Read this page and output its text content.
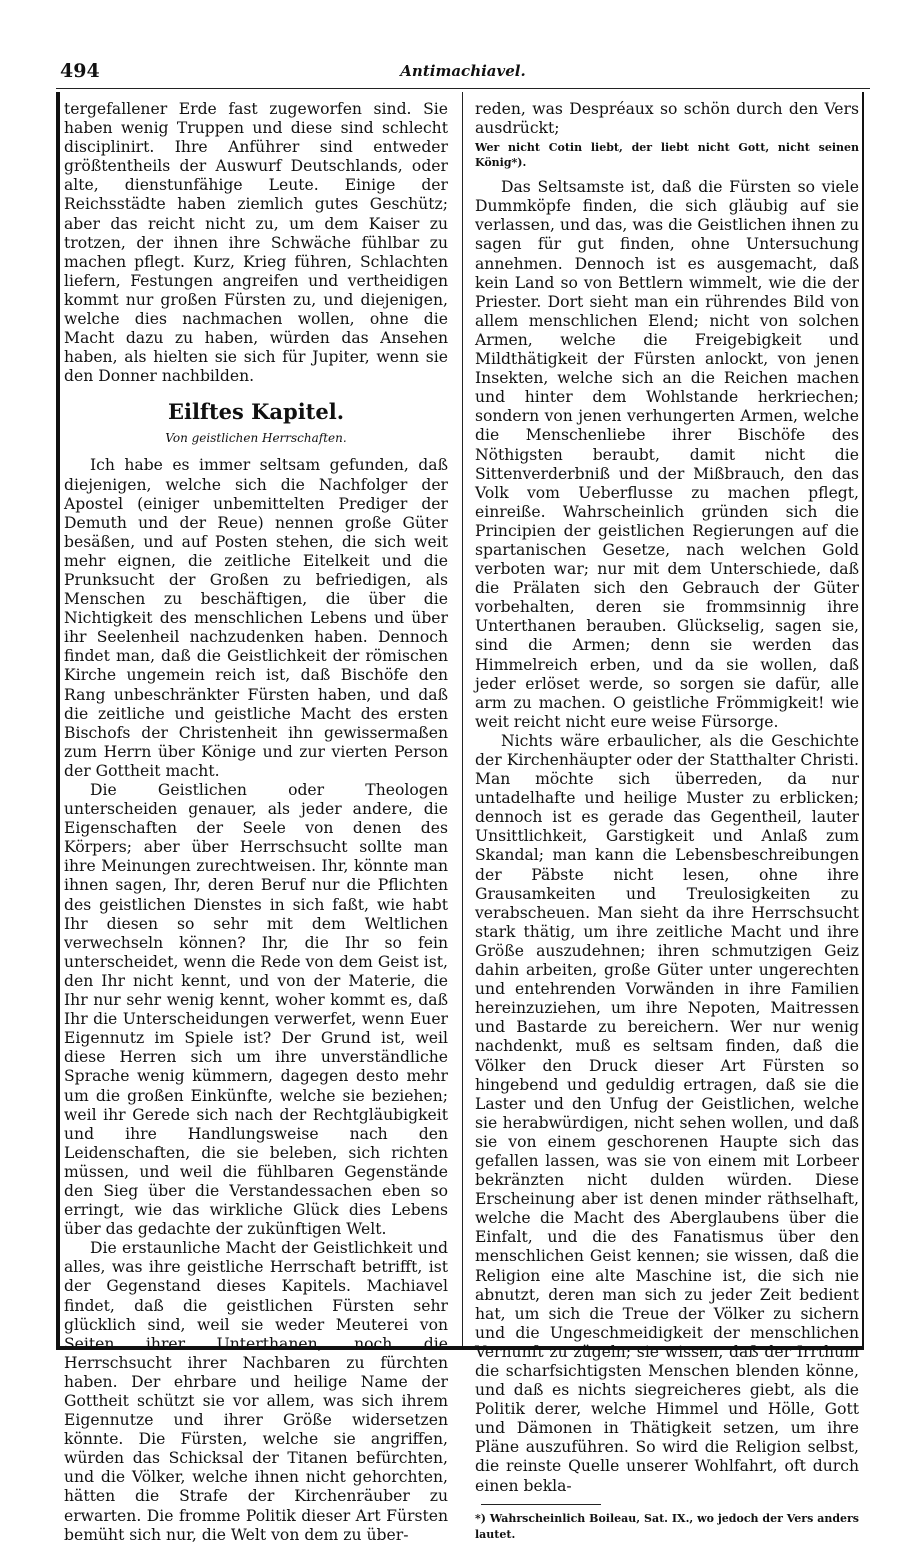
494	Antimachiavel.

tergefallener Erde fast zugeworfen sind. Sie haben wenig Truppen und diese sind schlecht disciplinirt. Ihre Anführer sind entweder größtentheils der Auswurf Deutschlands, oder alte, dienstunfähige Leute. Einige der Reichsstädte haben ziemlich gutes Geschütz; aber das reicht nicht zu, um dem Kaiser zu trotzen, der ihnen ihre Schwäche fühlbar zu machen pflegt. Kurz, Krieg führen, Schlachten liefern, Festungen angreifen und vertheidigen kommt nur großen Fürsten zu, und diejenigen, welche dies nachmachen wollen, ohne die Macht dazu zu haben, würden das Ansehen haben, als hielten sie sich für Jupiter, wenn sie den Donner nachbilden.

Eilftes Kapitel.
Von geistlichen Herrschaften.

Ich habe es immer seltsam gefunden, daß diejenigen, welche sich die Nachfolger der Apostel (einiger unbemittelten Prediger der Demuth und der Reue) nennen große Güter besäßen, und auf Posten stehen, die sich weit mehr eignen, die zeitliche Eitelkeit und die Prunksucht der Großen zu befriedigen, als Menschen zu beschäftigen, die über die Nichtigkeit des menschlichen Lebens und über ihr Seelenheil nachzudenken haben. Dennoch findet man, daß die Geistlichkeit der römischen Kirche ungemein reich ist, daß Bischöfe den Rang unbeschränkter Fürsten haben, und daß die zeitliche und geistliche Macht des ersten Bischofs der Christenheit ihn gewissermaßen zum Herrn über Könige und zur vierten Person der Gottheit macht.

Die Geistlichen oder Theologen unterscheiden genauer, als jeder andere, die Eigenschaften der Seele von denen des Körpers; aber über Herrschsucht sollte man ihre Meinungen zurechtweisen. Ihr, könnte man ihnen sagen, Ihr, deren Beruf nur die Pflichten des geistlichen Dienstes in sich faßt, wie habt Ihr diesen so sehr mit dem Weltlichen verwechseln können? Ihr, die Ihr so fein unterscheidet, wenn die Rede von dem Geist ist, den Ihr nicht kennt, und von der Materie, die Ihr nur sehr wenig kennt, woher kommt es, daß Ihr die Unterscheidungen verwerfet, wenn Euer Eigennutz im Spiele ist? Der Grund ist, weil diese Herren sich um ihre unverständliche Sprache wenig kümmern, dagegen desto mehr um die großen Einkünfte, welche sie beziehen; weil ihr Gerede sich nach der Rechtgläubigkeit und ihre Handlungsweise nach den Leidenschaften, die sie beleben, sich richten müssen, und weil die fühlbaren Gegenstände den Sieg über die Verstandessachen eben so erringt, wie das wirkliche Glück dies Lebens über das gedachte der zukünftigen Welt.

Die erstaunliche Macht der Geistlichkeit und alles, was ihre geistliche Herrschaft betrifft, ist der Gegenstand dieses Kapitels. Machiavel findet, daß die geistlichen Fürsten sehr glücklich sind, weil sie weder Meuterei von Seiten ihrer Unterthanen, noch die Herrschsucht ihrer Nachbaren zu fürchten haben. Der ehrbare und heilige Name der Gottheit schützt sie vor allem, was sich ihrem Eigennutze und ihrer Größe widersetzen könnte. Die Fürsten, welche sie angriffen, würden das Schicksal der Titanen befürchten, und die Völker, welche ihnen nicht gehorchten, hätten die Strafe der Kirchenräuber zu erwarten. Die fromme Politik dieser Art Fürsten bemüht sich nur, die Welt von dem zu über-

reden, was Despréaux so schön durch den Vers ausdrückt;

Wer nicht Cotin liebt, der liebt nicht Gott, nicht seinen König*).

Das Seltsamste ist, daß die Fürsten so viele Dummköpfe finden, die sich gläubig auf sie verlassen, und das, was die Geistlichen ihnen zu sagen für gut finden, ohne Untersuchung annehmen. Dennoch ist es ausgemacht, daß kein Land so von Bettlern wimmelt, wie die der Priester. Dort sieht man ein rührendes Bild von allem menschlichen Elend; nicht von solchen Armen, welche die Freigebigkeit und Mildthätigkeit der Fürsten anlockt, von jenen Insekten, welche sich an die Reichen machen und hinter dem Wohlstande herkriechen; sondern von jenen verhungerten Armen, welche die Menschenliebe ihrer Bischöfe des Nöthigsten beraubt, damit nicht die Sittenverderbniß und der Mißbrauch, den das Volk vom Ueberflusse zu machen pflegt, einreiße. Wahrscheinlich gründen sich die Principien der geistlichen Regierungen auf die spartanischen Gesetze, nach welchen Gold verboten war; nur mit dem Unterschiede, daß die Prälaten sich den Gebrauch der Güter vorbehalten, deren sie frommsinnig ihre Unterthanen berauben. Glückselig, sagen sie, sind die Armen; denn sie werden das Himmelreich erben, und da sie wollen, daß jeder erlöset werde, so sorgen sie dafür, alle arm zu machen. O geistliche Frömmigkeit! wie weit reicht nicht eure weise Fürsorge.

Nichts wäre erbaulicher, als die Geschichte der Kirchenhäupter oder der Statthalter Christi. Man möchte sich überreden, da nur untadelhafte und heilige Muster zu erblicken; dennoch ist es gerade das Gegentheil, lauter Unsittlichkeit, Garstigkeit und Anlaß zum Skandal; man kann die Lebensbeschreibungen der Päbste nicht lesen, ohne ihre Grausamkeiten und Treulosigkeiten zu verabscheuen. Man sieht da ihre Herrschsucht stark thätig, um ihre zeitliche Macht und ihre Größe auszudehnen; ihren schmutzigen Geiz dahin arbeiten, große Güter unter ungerechten und entehrenden Vorwänden in ihre Familien hereinzuziehen, um ihre Nepoten, Maitressen und Bastarde zu bereichern. Wer nur wenig nachdenkt, muß es seltsam finden, daß die Völker den Druck dieser Art Fürsten so hingebend und geduldig ertragen, daß sie die Laster und den Unfug der Geistlichen, welche sie herabwürdigen, nicht sehen wollen, und daß sie von einem geschorenen Haupte sich das gefallen lassen, was sie von einem mit Lorbeer bekränzten nicht dulden würden. Diese Erscheinung aber ist denen minder räthselhaft, welche die Macht des Aberglaubens über die Einfalt, und die des Fanatismus über den menschlichen Geist kennen; sie wissen, daß die Religion eine alte Maschine ist, die sich nie abnutzt, deren man sich zu jeder Zeit bedient hat, um sich die Treue der Völker zu sichern und die Ungeschmeidigkeit der menschlichen Vernunft zu zügeln; sie wissen, daß der Irrthum die scharfsichtigsten Menschen blenden könne, und daß es nichts siegreicheres giebt, als die Politik derer, welche Himmel und Hölle, Gott und Dämonen in Thätigkeit setzen, um ihre Pläne auszuführen. So wird die Religion selbst, die reinste Quelle unserer Wohlfahrt, oft durch einen bekla-

*) Wahrscheinlich Boileau, Sat. IX., wo jedoch der Vers anders lautet.
